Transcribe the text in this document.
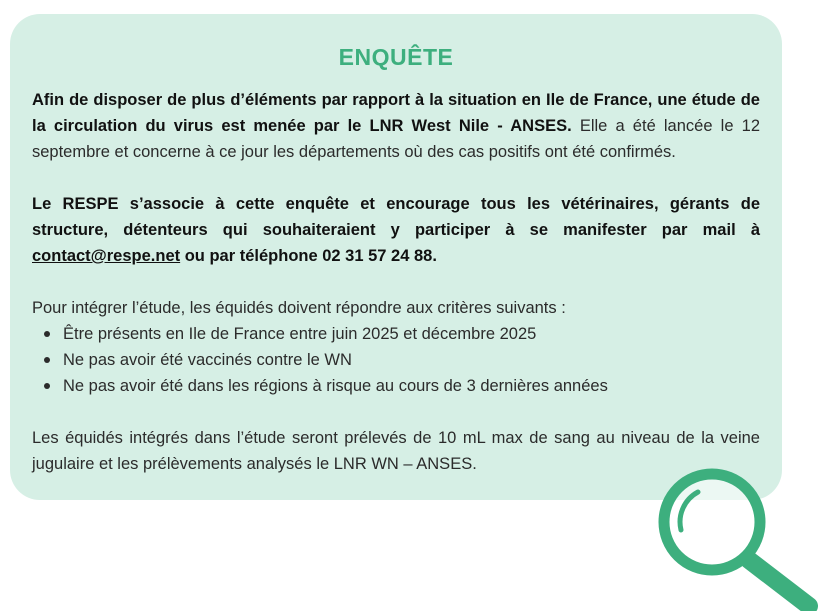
ENQUÊTE

Afin de disposer de plus d’éléments par rapport à la situation en Ile de France, une étude de la circulation du virus est menée par le LNR West Nile - ANSES. Elle a été lancée le 12 septembre et concerne à ce jour les départements où des cas positifs ont été confirmés.

Le RESPE s’associe à cette enquête et encourage tous les vétérinaires, gérants de structure, détenteurs qui souhaiteraient y participer à se manifester par mail à contact@respe.net ou par téléphone 02 31 57 24 88.

Pour intégrer l’étude, les équidés doivent répondre aux critères suivants :

Être présents en Ile de France entre juin 2025 et décembre 2025
Ne pas avoir été vaccinés contre le WN
Ne pas avoir été dans les régions à risque au cours de 3 dernières années

Les équidés intégrés dans l’étude seront prélevés de 10 mL max de sang au niveau de la veine jugulaire et les prélèvements analysés le LNR WN – ANSES.
